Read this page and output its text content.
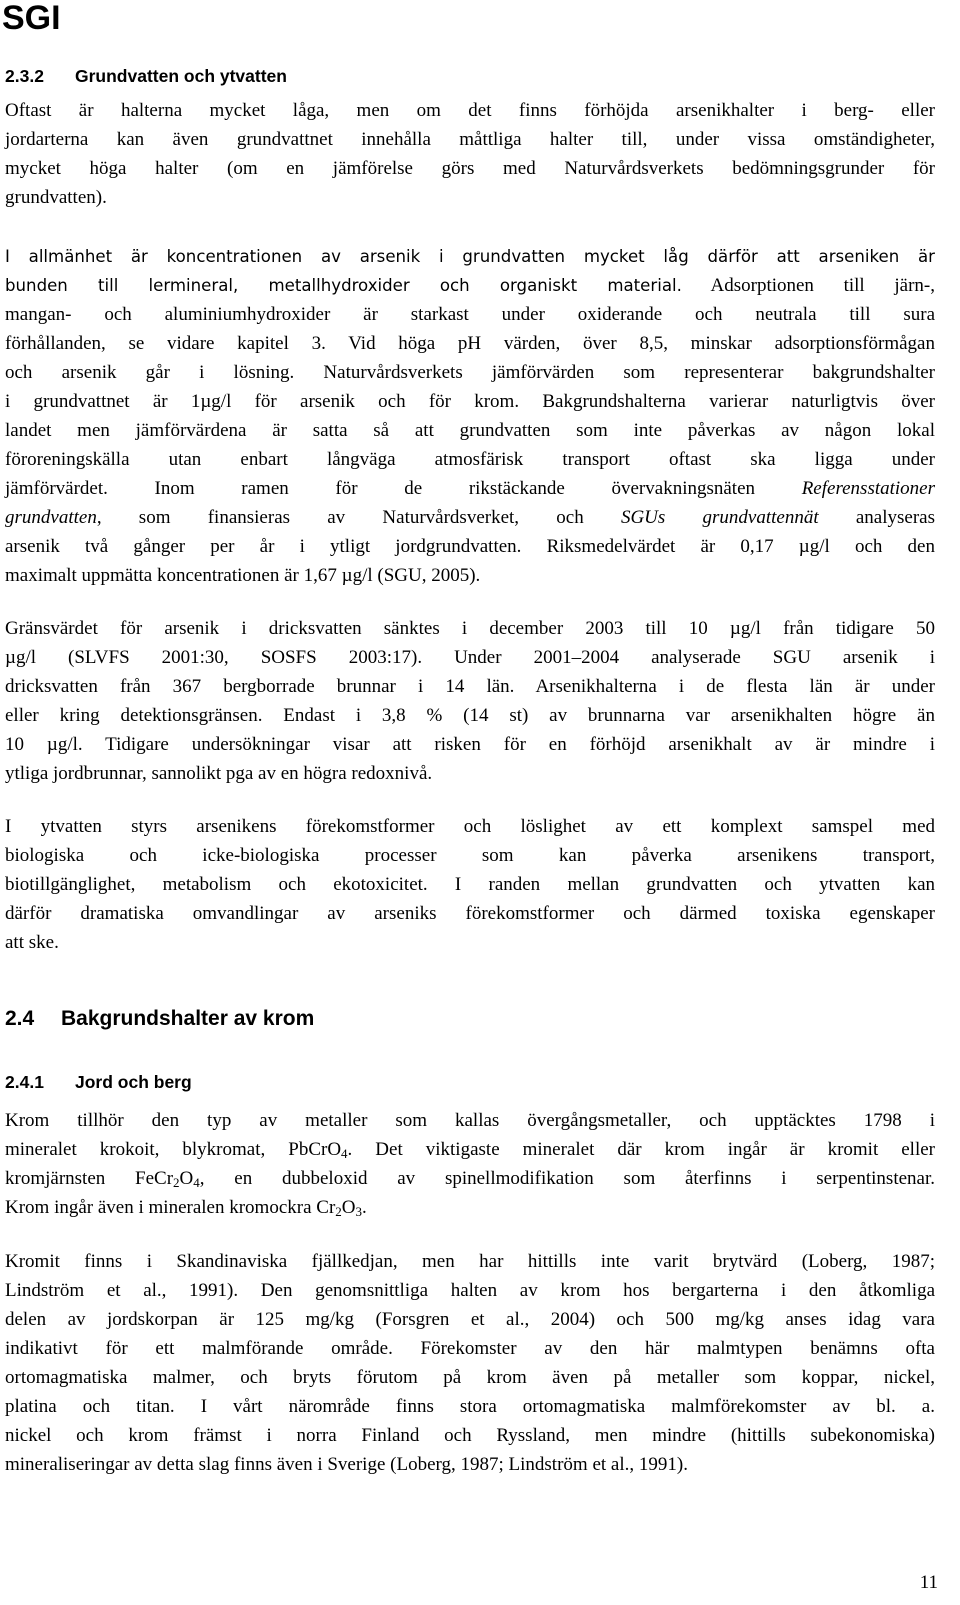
SGI
2.3.2 Grundvatten och ytvatten
Oftast är halterna mycket låga, men om det finns förhöjda arsenikhalter i berg- eller
jordarterna kan även grundvattnet innehålla måttliga halter till, under vissa omständigheter,
mycket höga halter (om en jämförelse görs med Naturvårdsverkets bedömningsgrunder för
grundvatten).
I allmänhet är koncentrationen av arsenik i grundvatten mycket låg därför att arseniken är
bunden till lermineral, metallhydroxider och organiskt material. Adsorptionen till järn-,
mangan- och aluminiumhydroxider är starkast under oxiderande och neutrala till sura
förhållanden, se vidare kapitel 3. Vid höga pH värden, över 8,5, minskar adsorptionsförmågan
och arsenik går i lösning. Naturvårdsverkets jämförvärden som representerar bakgrundshalter
i grundvattnet är 1µg/l för arsenik och för krom. Bakgrundshalterna varierar naturligtvis över
landet men jämförvärdena är satta så att grundvatten som inte påverkas av någon lokal
föroreningskälla utan enbart långväga atmosfärisk transport oftast ska ligga under
jämförvärdet. Inom ramen för de rikstäckande övervakningsnäten Referensstationer
grundvatten, som finansieras av Naturvårdsverket, och SGUs grundvattennät analyseras
arsenik två gånger per år i ytligt jordgrundvatten. Riksmedelvärdet är 0,17 µg/l och den
maximalt uppmätta koncentrationen är 1,67 µg/l (SGU, 2005).
Gränsvärdet för arsenik i dricksvatten sänktes i december 2003 till 10 µg/l från tidigare 50
µg/l (SLVFS 2001:30, SOSFS 2003:17). Under 2001–2004 analyserade SGU arsenik i
dricksvatten från 367 bergborrade brunnar i 14 län. Arsenikhalterna i de flesta län är under
eller kring detektionsgränsen. Endast i 3,8 % (14 st) av brunnarna var arsenikhalten högre än
10 µg/l. Tidigare undersökningar visar att risken för en förhöjd arsenikhalt av är mindre i
ytliga jordbrunnar, sannolikt pga av en högra redoxnivå.
I ytvatten styrs arsenikens förekomstformer och löslighet av ett komplext samspel med
biologiska och icke-biologiska processer som kan påverka arsenikens transport,
biotillgänglighet, metabolism och ekotoxicitet. I randen mellan grundvatten och ytvatten kan
därför dramatiska omvandlingar av arseniks förekomstformer och därmed toxiska egenskaper
att ske.
2.4 Bakgrundshalter av krom
2.4.1 Jord och berg
Krom tillhör den typ av metaller som kallas övergångsmetaller, och upptäcktes 1798 i
mineralet krokoit, blykromat, PbCrO$_4$. Det viktigaste mineralet där krom ingår är kromit eller
kromjärnsten $FeCr_2O_4$, en dubbeloxid av spinellmodifikation som återfinns i serpentinstenar.
Krom ingår även i mineralen kromockra $Cr_2O_3$.
Kromit finns i Skandinaviska fjällkedjan, men har hittills inte varit brytvärd (Loberg, 1987;
Lindström et al., 1991). Den genomsnittliga halten av krom hos bergarterna i den åtkomliga
delen av jordskorpan är 125 mg/kg (Forsgren et al., 2004) och 500 mg/kg anses idag vara
indikativt för ett malmförande område. Förekomster av den här malmtypen benämns ofta
ortomagmatiska malmer, och bryts förutom på krom även på metaller som koppar, nickel,
platina och titan. I vårt närområde finns stora ortomagmatiska malmförekomster av bl. a.
nickel och krom främst i norra Finland och Ryssland, men mindre (hittills subekonomiska)
mineraliseringar av detta slag finns även i Sverige (Loberg, 1987; Lindström et al., 1991).
11
